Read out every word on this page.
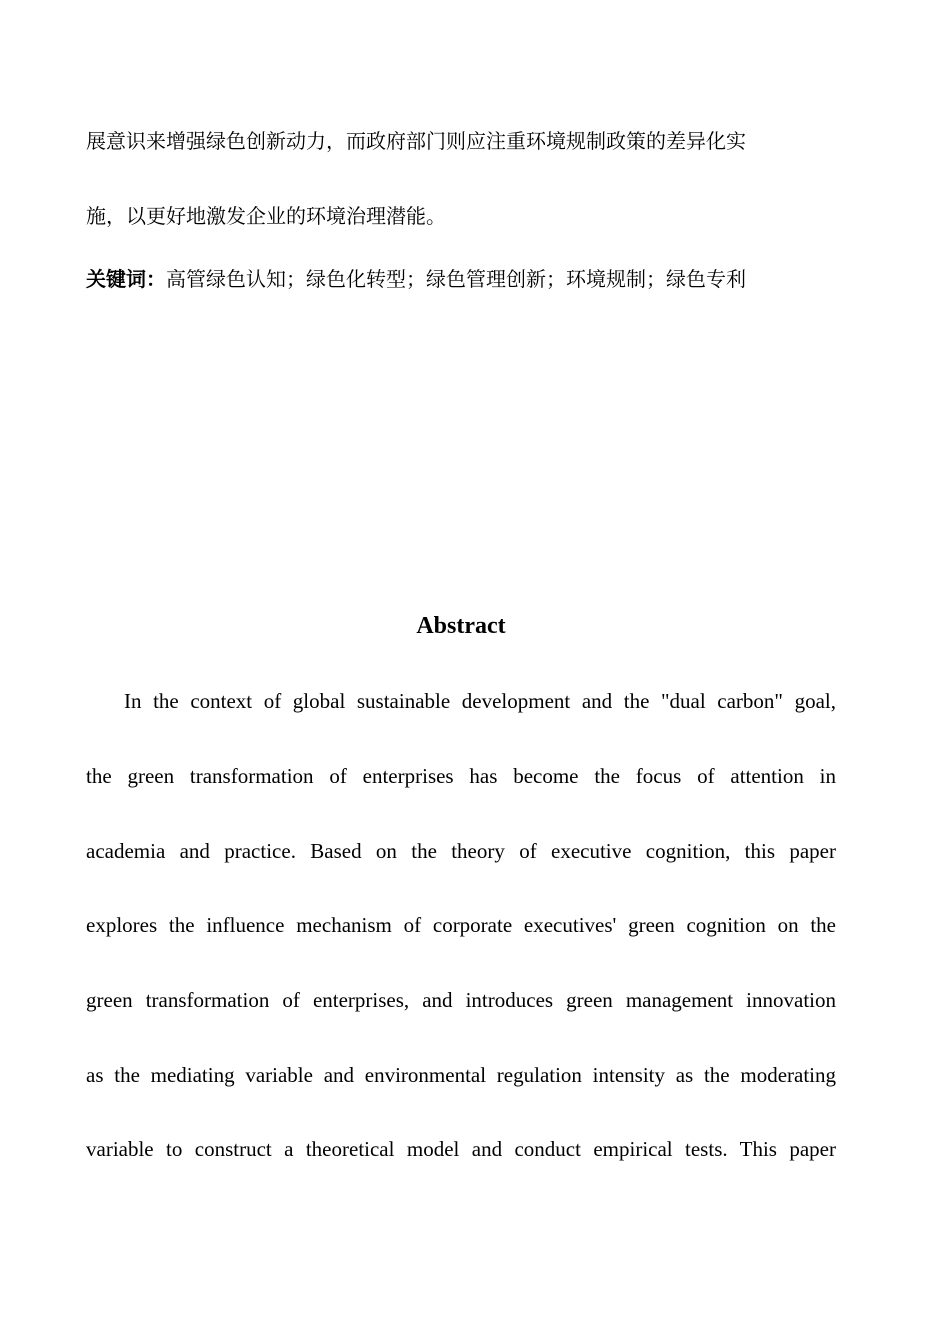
展意识来增强绿色创新动力，而政府部门则应注重环境规制政策的差异化实
施，以更好地激发企业的环境治理潜能。
关键词：高管绿色认知；绿色化转型；绿色管理创新；环境规制；绿色专利
Abstract
In the context of global sustainable development and the "dual carbon" goal,
the green transformation of enterprises has become the focus of attention in
academia and practice. Based on the theory of executive cognition, this paper
explores the influence mechanism of corporate executives' green cognition on the
green transformation of enterprises, and introduces green management innovation
as the mediating variable and environmental regulation intensity as the moderating
variable to construct a theoretical model and conduct empirical tests. This paper
